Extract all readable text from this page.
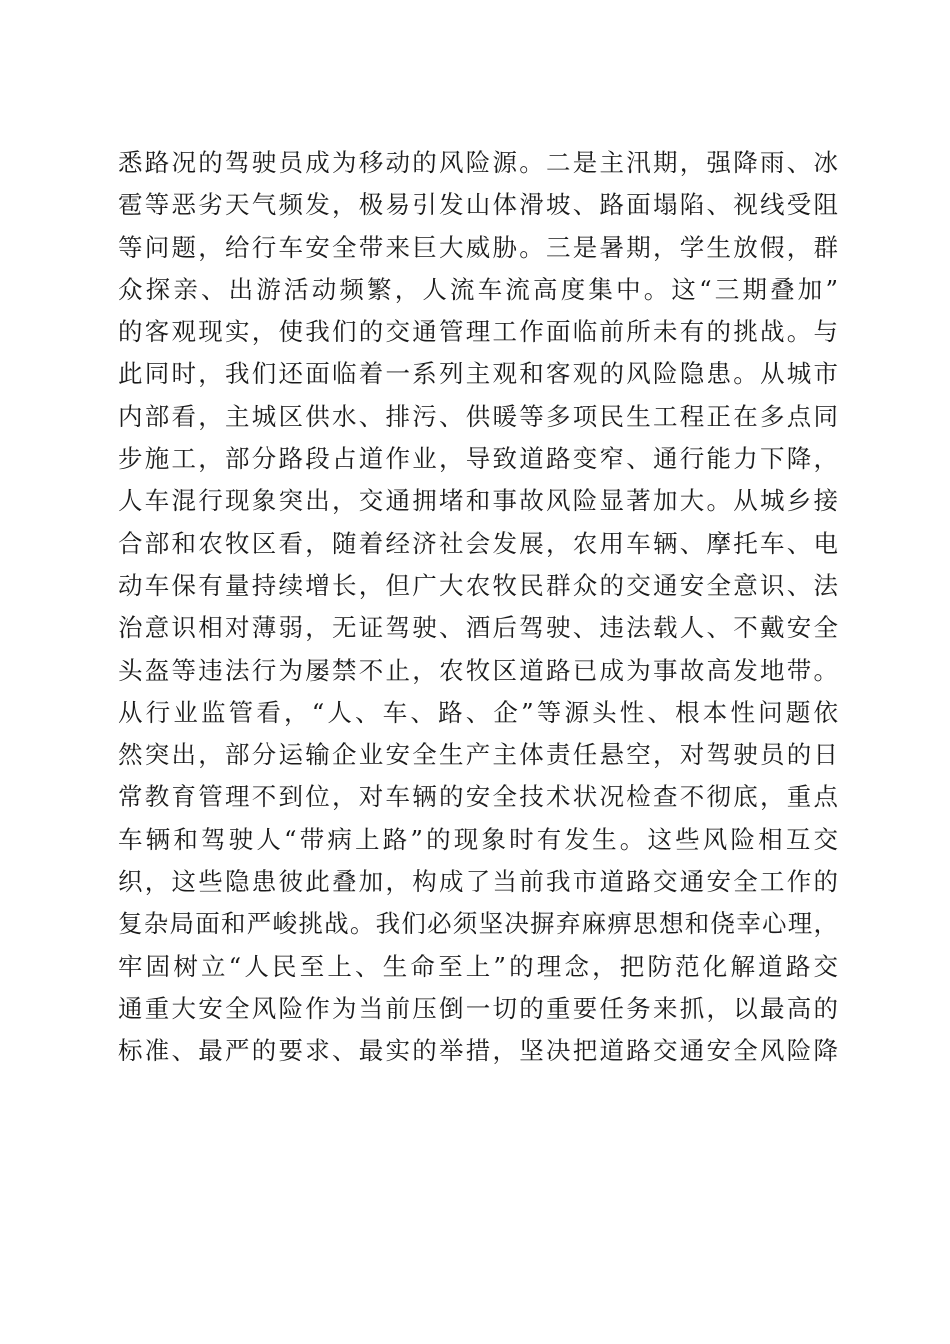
悉路况的驾驶员成为移动的风险源。二是主汛期，强降雨、冰
雹等恶劣天气频发，极易引发山体滑坡、路面塌陷、视线受阻
等问题，给行车安全带来巨大威胁。三是暑期，学生放假，群
众探亲、出游活动频繁，人流车流高度集中。这“三期叠加”
的客观现实，使我们的交通管理工作面临前所未有的挑战。与
此同时，我们还面临着一系列主观和客观的风险隐患。从城市
内部看，主城区供水、排污、供暖等多项民生工程正在多点同
步施工，部分路段占道作业，导致道路变窄、通行能力下降，
人车混行现象突出，交通拥堵和事故风险显著加大。从城乡接
合部和农牧区看，随着经济社会发展，农用车辆、摩托车、电
动车保有量持续增长，但广大农牧民群众的交通安全意识、法
治意识相对薄弱，无证驾驶、酒后驾驶、违法载人、不戴安全
头盔等违法行为屡禁不止，农牧区道路已成为事故高发地带。
从行业监管看，“人、车、路、企”等源头性、根本性问题依
然突出，部分运输企业安全生产主体责任悬空，对驾驶员的日
常教育管理不到位，对车辆的安全技术状况检查不彻底，重点
车辆和驾驶人“带病上路”的现象时有发生。这些风险相互交
织，这些隐患彼此叠加，构成了当前我市道路交通安全工作的
复杂局面和严峻挑战。我们必须坚决摒弃麻痹思想和侥幸心理，
牢固树立“人民至上、生命至上”的理念，把防范化解道路交
通重大安全风险作为当前压倒一切的重要任务来抓，以最高的
标准、最严的要求、最实的举措，坚决把道路交通安全风险降
